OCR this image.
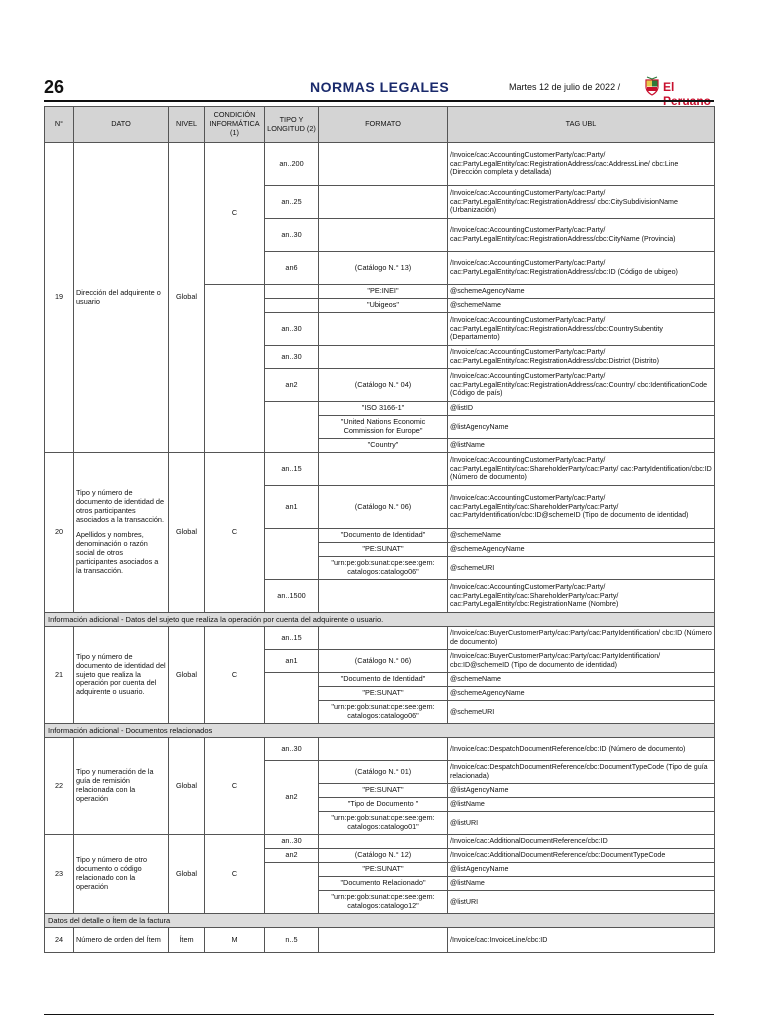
26	NORMAS LEGALES	Martes 12 de julio de 2022 /	El
N°	DATO	NIVEL	CONDICIÓN INFORMÁTICA (1)	TIPO Y LONGITUD (2)	FORMATO	TAG UBL
19	Dirección del adquirente o usuario	Global	C	an..200		/Invoice/cac:AccountingCustomerParty/cac:Party/ cac:PartyLegalEntity/cac:RegistrationAddress/cac:AddressLine/ cbc:Line (Dirección completa y detallada)
				an..25		/Invoice/cac:AccountingCustomerParty/cac:Party/ cac:PartyLegalEntity/cac:RegistrationAddress/ cbc:CitySubdivisionName (Urbanización)
				an..30		/Invoice/cac:AccountingCustomerParty/cac:Party/ cac:PartyLegalEntity/cac:RegistrationAddress/cbc:CityName (Provincia)
				an6	(Catálogo N.° 13)	/Invoice/cac:AccountingCustomerParty/cac:Party/ cac:PartyLegalEntity/cac:RegistrationAddress/cbc:ID (Código de ubigeo)
					"PE:INEI"	@schemeAgencyName
					"Ubigeos"	@schemeName
				an..30		/Invoice/cac:AccountingCustomerParty/cac:Party/ cac:PartyLegalEntity/cac:RegistrationAddress/cbc:CountrySubentity (Departamento)
				an..30		/Invoice/cac:AccountingCustomerParty/cac:Party/ cac:PartyLegalEntity/cac:RegistrationAddress/cbc:District (Distrito)
				an2	(Catálogo N.° 04)	/Invoice/cac:AccountingCustomerParty/cac:Party/ cac:PartyLegalEntity/cac:RegistrationAddress/cac:Country/ cbc:IdentificationCode (Código de país)
					"ISO 3166-1"	@listID
					"United Nations Economic Commission for Europe"	@listAgencyName
					"Country"	@listName
20	Tipo y número de documento de identidad de otros participantes asociados a la transacción.
Apellidos y nombres, denominación o razón social de otros participantes asociados a la transacción.	Global	C	an..15		/Invoice/cac:AccountingCustomerParty/cac:Party/ cac:PartyLegalEntity/cac:ShareholderParty/cac:Party/ cac:PartyIdentification/cbc:ID (Número de documento)
				an1	(Catálogo N.° 06)	/Invoice/cac:AccountingCustomerParty/cac:Party/ cac:PartyLegalEntity/cac:ShareholderParty/cac:Party/ cac:PartyIdentification/cbc:ID@schemeID (Tipo de documento de identidad)
					"Documento de Identidad"	@schemeName
					"PE:SUNAT"	@schemeAgencyName
					"urn:pe:gob:sunat:cpe:see:gem: catalogos:catalogo06"	@schemeURI
				an..1500		/Invoice/cac:AccountingCustomerParty/cac:Party/ cac:PartyLegalEntity/cac:ShareholderParty/cac:Party/ cac:PartyLegalEntity/cbc:RegistrationName (Nombre)
Información adicional - Datos del sujeto que realiza la operación por cuenta del adquirente o usuario.						
21	Tipo y número de documento de identidad del sujeto que realiza la operación por cuenta del adquirente o usuario.	Global	C	an..15		/Invoice/cac:BuyerCustomerParty/cac:Party/cac:PartyIdentification/ cbc:ID (Número de documento)
				an1	(Catálogo N.° 06)	/Invoice/cac:BuyerCustomerParty/cac:Party/cac:PartyIdentification/ cbc:ID@schemeID (Tipo de documento de identidad)
					"Documento de Identidad"	@schemeName
					"PE:SUNAT"	@schemeAgencyName
					"urn:pe:gob:sunat:cpe:see:gem: catalogos:catalogo06"	@schemeURI
Información adicional - Documentos relacionados						
22	Tipo y numeración de la guía de remisión relacionada con la operación	Global	C	an..30		/Invoice/cac:DespatchDocumentReference/cbc:ID (Número de documento)
				an2	(Catálogo N.° 01)	/Invoice/cac:DespatchDocumentReference/cbc:DocumentTypeCode (Tipo de guía relacionada)
					"PE:SUNAT"	@listAgencyName
					"Tipo de Documento "	@listName
					"urn:pe:gob:sunat:cpe:see:gem: catalogos:catalogo01"	@listURI
23	Tipo y número de otro documento o código relacionado con la operación	Global	C	an..30		/Invoice/cac:AdditionalDocumentReference/cbc:ID
				an2	(Catálogo N.° 12)	/Invoice/cac:AdditionalDocumentReference/cbc:DocumentTypeCode
					"PE:SUNAT"	@listAgencyName
					"Documento Relacionado"	@listName
					"urn:pe:gob:sunat:cpe:see:gem: catalogos:catalogo12"	@listURI
Datos del detalle o Ítem de la factura						
24	Número de orden del Ítem	Ítem	M	n..5		/Invoice/cac:InvoiceLine/cbc:ID
